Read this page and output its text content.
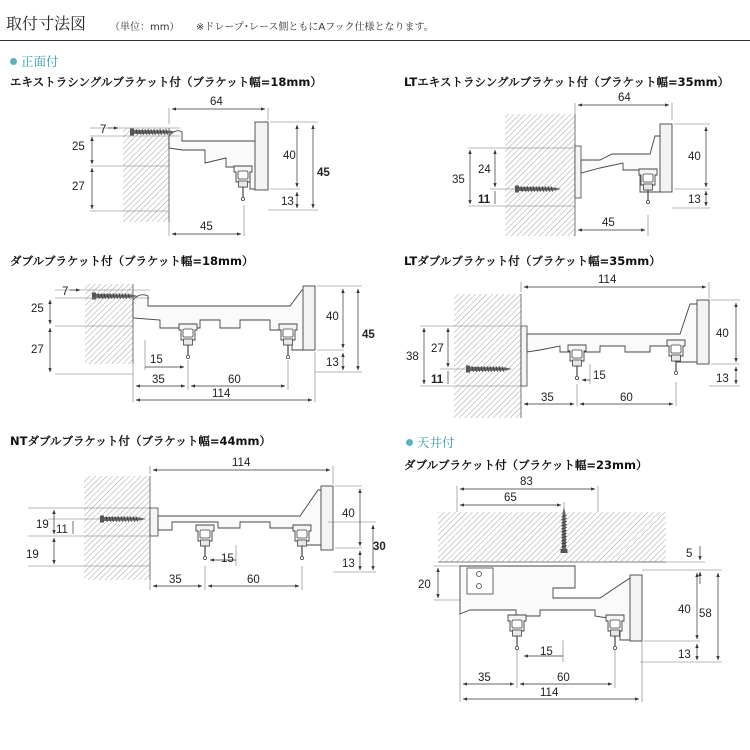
取付寸法図 （単位：mm） ※ドレープ･レース側ともにAフック仕様となります。
正面付
天井付
エキストラシングルブラケット付（ブラケット幅=18mm）	LTエキストラシングルブラケット付（ブラケット幅=35mm）
ダブルブラケット付（ブラケット幅=18mm）	LTダブルブラケット付（ブラケット幅=35mm）
NTダブルブラケット付（ブラケット幅=44mm）
ダブルブラケット付（ブラケット幅=23mm）
64
7
25
27
45
40
13
45
64
35
24
11
45
40
13
7
25
27
15
35	60
114
40
13
45
114
38
27
11	15
35	60
40
13
114
19 11
19	15
35	60
40
13
30
83
65
5
20
40
13
58
15
35	60
114
